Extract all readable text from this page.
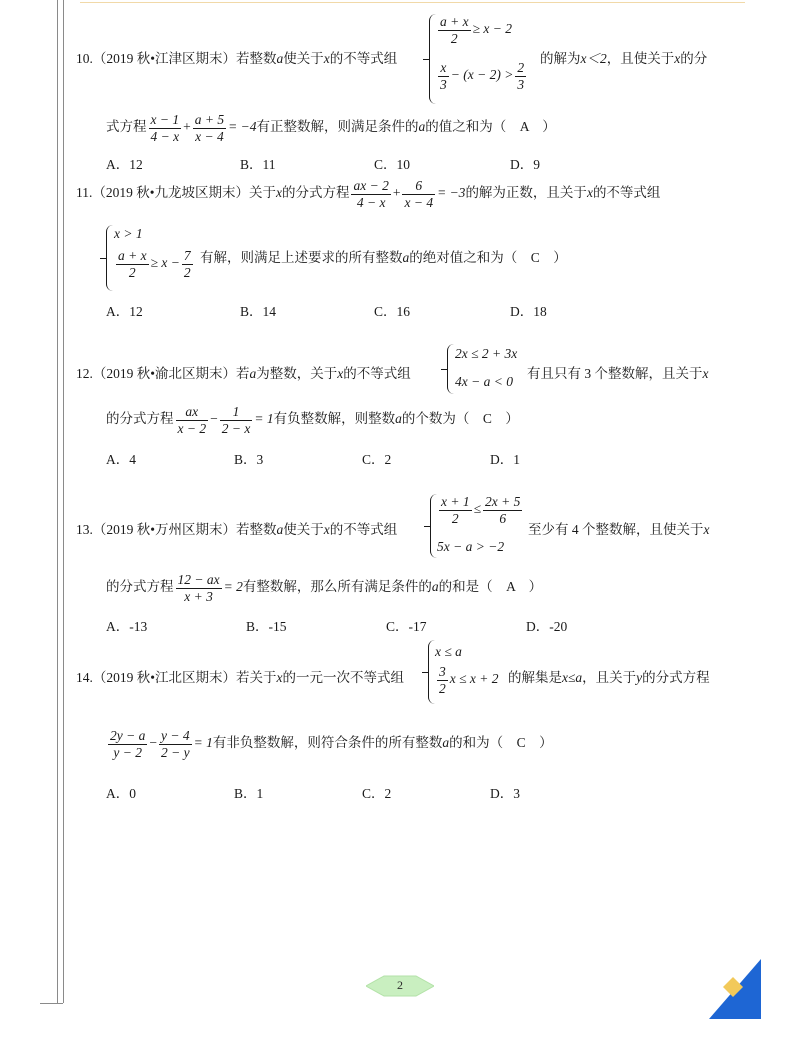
10.（2019 秋•江津区期末）若整数a使关于x的不等式组
$\frac{a + x}{2} \ge x - 2$
$\frac{x}{3} - (x - 2) > \frac{2}{3}$
的解为x＜2，且使关于x的分
式方程 $\frac{x - 1}{4 - x} + \frac{a + 5}{x - 4} = -4$有正整数解，则满足条件的a的值之和为（　A　）
A．12	B．11	C．10	D．9
11.（2019 秋•九龙坡区期末）关于x的分式方程 $\frac{ax - 2}{4 - x} + \frac{6}{x - 4} = -3$的解为正数，且关于x的不等式组
x > 1
$\frac{a + x}{2} \ge x - \frac{7}{2}$ 有解，则满足上述要求的所有整数a的绝对值之和为（　C　）
A．12	B．14	C．16	D．18
12.（2019 秋•渝北区期末）若a为整数，关于x的不等式组
2x ≤ 2 + 3x
4x − a < 0
有且只有 3 个整数解，且关于x
的分式方程 $\frac{ax}{x - 2} - \frac{1}{2 - x} = 1$有负整数解，则整数a的个数为（　C　）
A．4	B．3	C．2	D．1
13.（2019 秋•万州区期末）若整数a使关于x的不等式组
$\frac{x + 1}{2} \le \frac{2x + 5}{6}$
5x − a > −2
至少有 4 个整数解，且使关于x
的分式方程 $\frac{12 - ax}{x + 3} = 2$有整数解，那么所有满足条件的a的和是（　A　）
A．-13	B．-15	C．-17	D．-20
14.（2019 秋•江北区期末）若关于x的一元一次不等式组
x ≤ a
$\frac{3}{2}$ x ≤ x + 2 的解集是x≤a，且关于y的分式方程
$\frac{2y - a}{y - 2} - \frac{y - 4}{2 - y} = 1$有非负整数解，则符合条件的所有整数a的和为（　C　）
A．0	B．1	C．2	D．3
2
